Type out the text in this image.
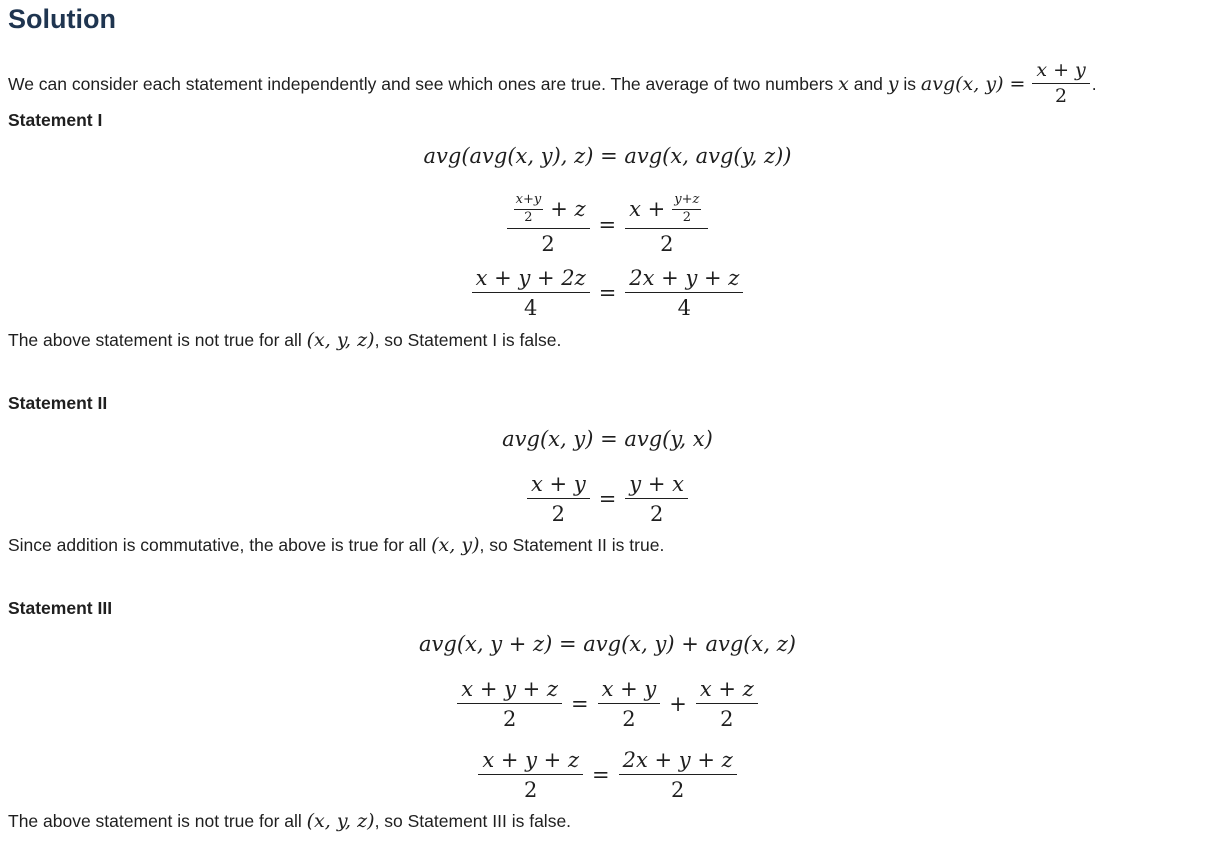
Solution
We can consider each statement independently and see which ones are true. The average of two numbers x and y is avg(x, $y) = \frac{x + y}{2}$ .
Statement I
avg(avg(x, y), z) = avg(x, avg(y, z))
$\frac{\frac{x+y}{2} + z}{2} = \frac{x + \frac{y+z}{2}}{2}$
$\frac{x + y + 2z}{4} = \frac{2x + y + z}{4}$
The above statement is not true for all (x, y, z), so Statement I is false.
Statement II
avg(x, y) = avg(y, x)
$\frac{x + y}{2} = \frac{y + x}{2}$
Since addition is commutative, the above is true for all (x, y), so Statement II is true.
Statement III
avg(x, y + z) = avg(x, y) + avg(x, z)
$\frac{x + y + z}{2} = \frac{x + y}{2} + \frac{x + z}{2}$
$\frac{x + y + z}{2} = \frac{2x + y + z}{2}$
The above statement is not true for all (x, y, z), so Statement III is false.
